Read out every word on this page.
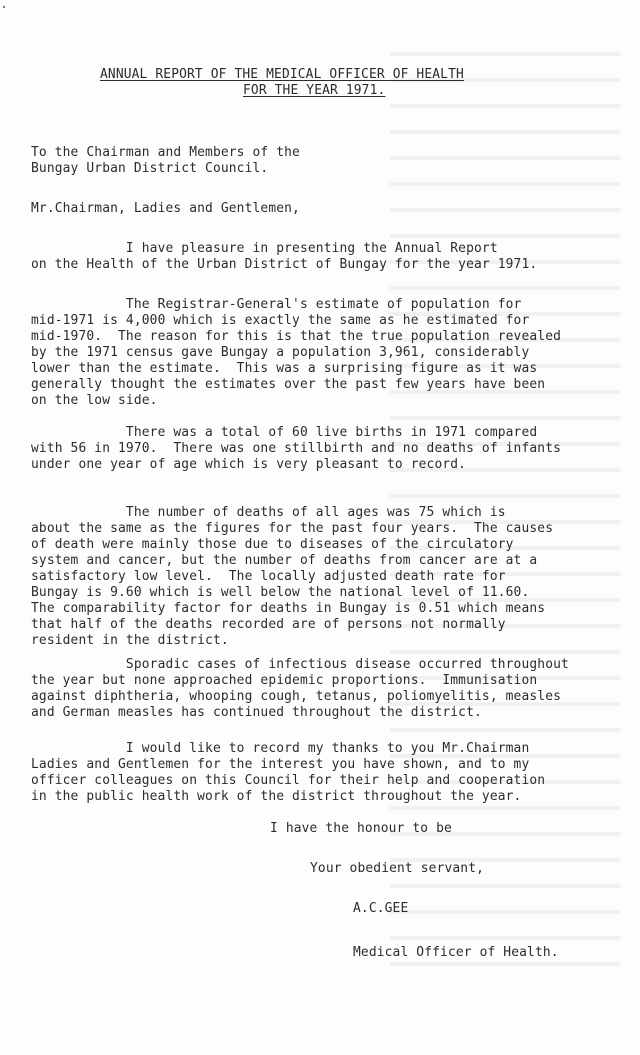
ANNUAL REPORT OF THE MEDICAL OFFICER OF HEALTH
FOR THE YEAR 1971.
To the Chairman and Members of the
Bungay Urban District Council.
Mr.Chairman, Ladies and Gentlemen,
I have pleasure in presenting the Annual Report
on the Health of the Urban District of Bungay for the year 1971.
The Registrar-General's estimate of population for
mid-1971 is 4,000 which is exactly the same as he estimated for
mid-1970.  The reason for this is that the true population revealed
by the 1971 census gave Bungay a population 3,961, considerably
lower than the estimate.  This was a surprising figure as it was
generally thought the estimates over the past few years have been
on the low side.
There was a total of 60 live births in 1971 compared
with 56 in 1970.  There was one stillbirth and no deaths of infants
under one year of age which is very pleasant to record.
The number of deaths of all ages was 75 which is
about the same as the figures for the past four years.  The causes
of death were mainly those due to diseases of the circulatory
system and cancer, but the number of deaths from cancer are at a
satisfactory low level.  The locally adjusted death rate for
Bungay is 9.60 which is well below the national level of 11.60.
The comparability factor for deaths in Bungay is 0.51 which means
that half of the deaths recorded are of persons not normally
resident in the district.
Sporadic cases of infectious disease occurred throughout
the year but none approached epidemic proportions.  Immunisation
against diphtheria, whooping cough, tetanus, poliomyelitis, measles
and German measles has continued throughout the district.
I would like to record my thanks to you Mr.Chairman
Ladies and Gentlemen for the interest you have shown, and to my
officer colleagues on this Council for their help and cooperation
in the public health work of the district throughout the year.
I have the honour to be
Your obedient servant,
A.C.GEE
Medical Officer of Health.
